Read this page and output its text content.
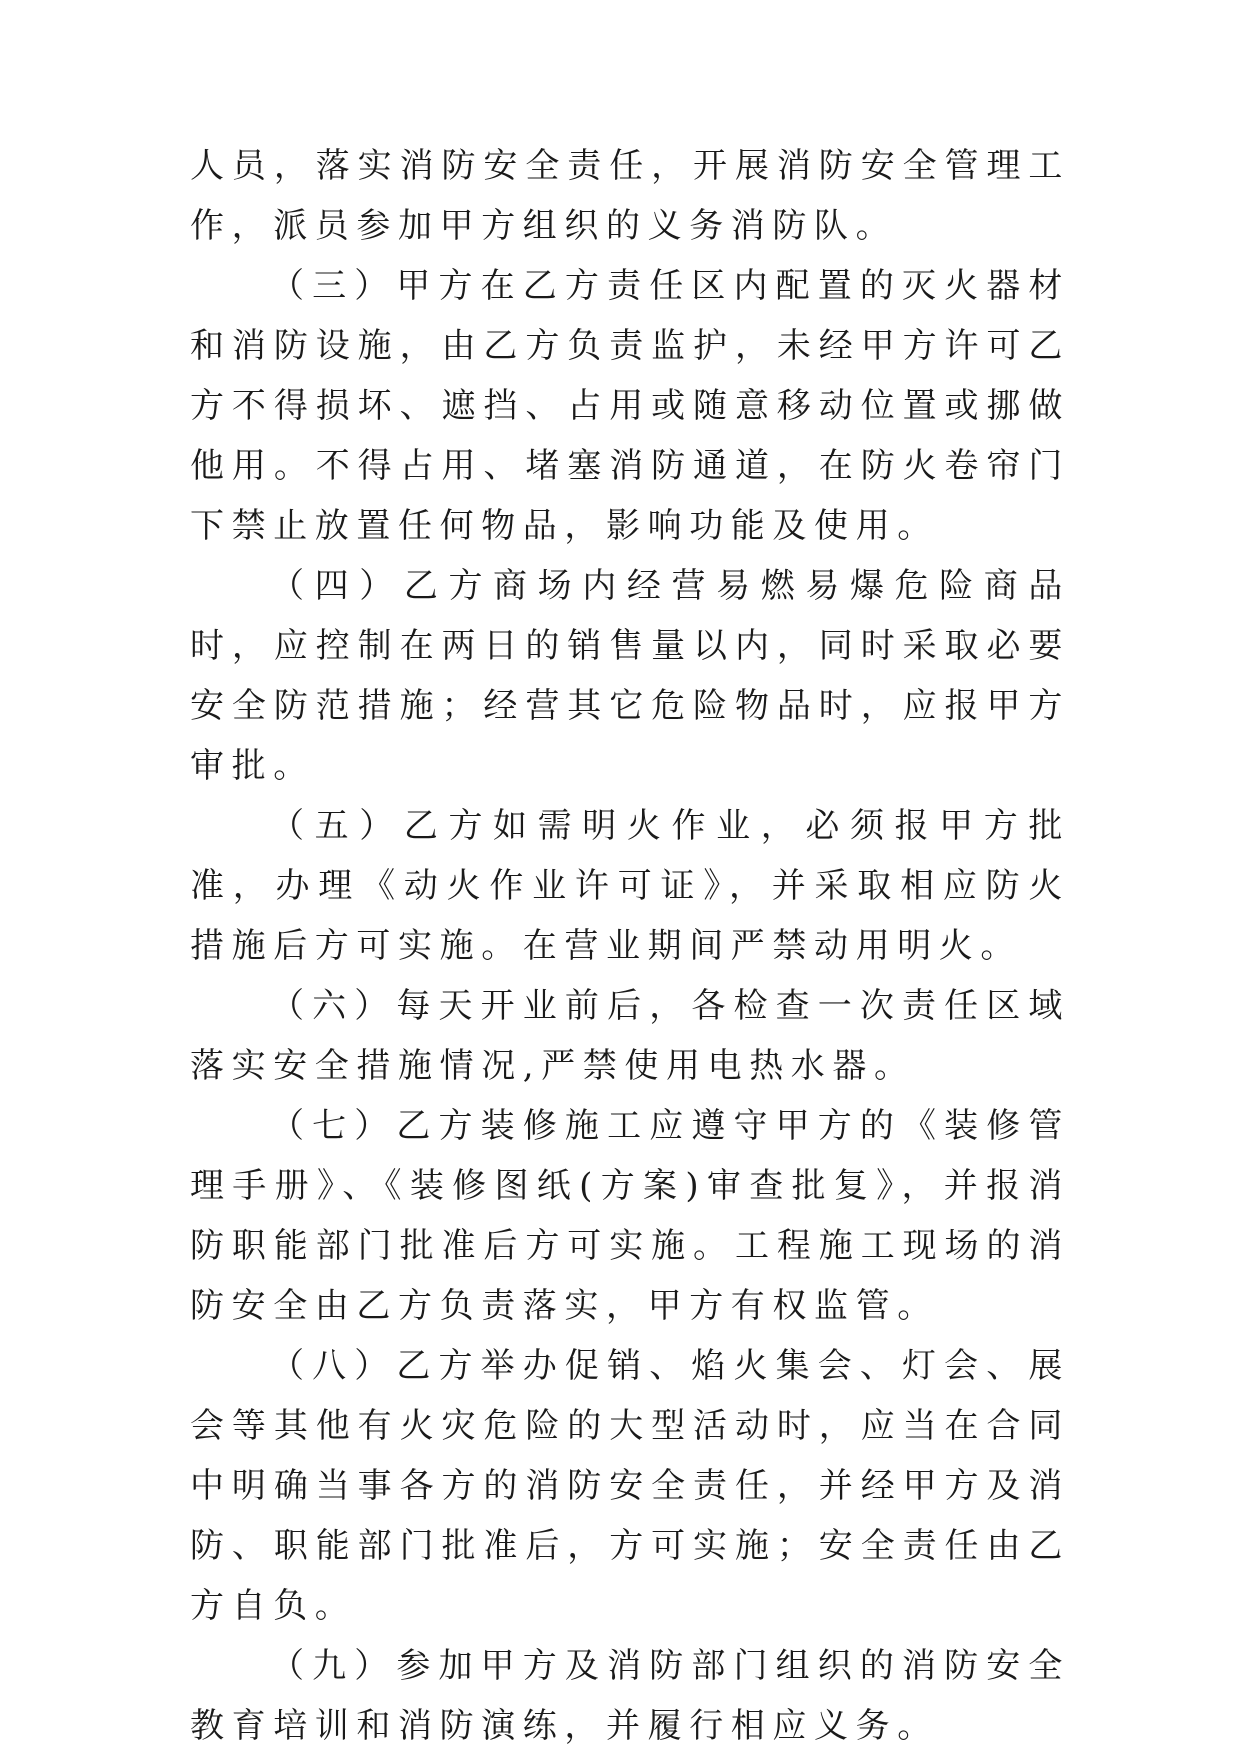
人员，落实消防安全责任，开展消防安全管理工作，派员参加甲方组织的义务消防队。

（三）甲方在乙方责任区内配置的灭火器材和消防设施，由乙方负责监护，未经甲方许可乙方不得损坏、遮挡、占用或随意移动位置或挪做他用。不得占用、堵塞消防通道，在防火卷帘门下禁止放置任何物品，影响功能及使用。

（四）乙方商场内经营易燃易爆危险商品时，应控制在两日的销售量以内，同时采取必要安全防范措施；经营其它危险物品时，应报甲方审批。

（五）乙方如需明火作业，必须报甲方批准，办理《动火作业许可证》，并采取相应防火措施后方可实施。在营业期间严禁动用明火。

（六）每天开业前后，各检查一次责任区域落实安全措施情况,严禁使用电热水器。

（七）乙方装修施工应遵守甲方的《装修管理手册》、《装修图纸(方案)审查批复》，并报消防职能部门批准后方可实施。工程施工现场的消防安全由乙方负责落实，甲方有权监管。

（八）乙方举办促销、焰火集会、灯会、展会等其他有火灾危险的大型活动时，应当在合同中明确当事各方的消防安全责任，并经甲方及消防、职能部门批准后，方可实施；安全责任由乙方自负。

（九）参加甲方及消防部门组织的消防安全教育培训和消防演练，并履行相应义务。
